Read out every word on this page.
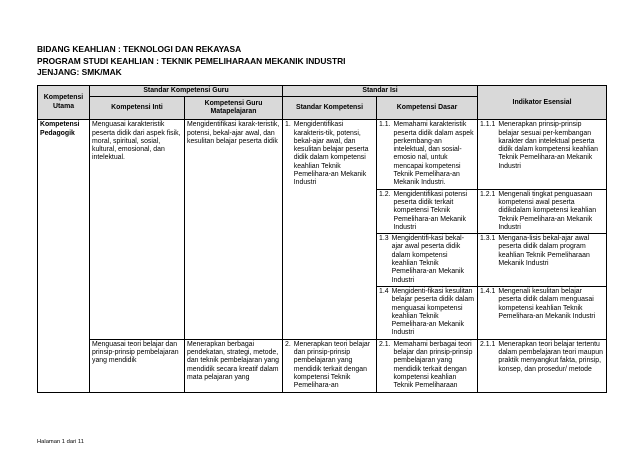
BIDANG KEAHLIAN : TEKNOLOGI DAN REKAYASA
PROGRAM STUDI KEAHLIAN : TEKNIK PEMELIHARAAN MEKANIK INDUSTRI
JENJANG: SMK/MAK
Kompetensi Utama	Standar Kompetensi Guru		Standar Isi		Indikator Esensial
	Kompetensi Inti	Kompetensi Guru Matapelajaran	Standar Kompetensi	Kompetensi Dasar	
Kompetensi Pedagogik	Menguasai karakteristik peserta didik dari aspek fisik, moral, spiritual, sosial, kultural, emosional, dan intelektual.	Mengidentifikasi karak-teristik, potensi, bekal-ajar awal, dan kesulitan belajar peserta didik	1. Mengidentifikasi karakteris-tik, potensi, bekal-ajar awal, dan kesulitan belajar peserta didik dalam kompetensi keahlian Teknik Pemelihara-an Mekanik Industri	1.1. Memahami karakteristik peserta didik dalam aspek perkembang-an intelektual, dan sosial-emosio nal, untuk mencapai kompetensi Teknik Pemelihara-an Mekanik Industri.	1.1.1 Menerapkan prinsip-prinsip belajar sesuai per-kembangan karakter dan intelektual peserta didik dalam kompetensi keahlian Teknik Pemelihara-an Mekanik Industri

				1.2. Mengidentifikasi potensi peserta didik terkait kompetensi Teknik Pemelihara-an Mekanik Industri	1.2.1 Mengenali tingkat penguasaan kompetensi awal peserta didikdalam kompetensi keahlian Teknik Pemelihara-an Mekanik Industri

				1.3 Mengidentifi-kasi bekal-ajar awal peserta didik dalam kompetensi keahlian Teknik Pemelihara-an Mekanik Industri	1.3.1 Mengana-lisis bekal-ajar awal peserta didik dalam program keahlian Teknik Pemeliharaan Mekanik Industri

				1.4 Mengidenti-fikasi kesulitan belajar peserta didik dalam menguasai kompetensi keahlian Teknik Pemelihara-an Mekanik Industri	1.4.1 Mengenali kesulitan belajar peserta didik dalam menguasai kompetensi keahlian Teknik Pemelihara-an Mekanik Industri

	Menguasai teori belajar dan prinsip-prinsip pembelajaran yang mendidik	Menerapkan berbagai pendekatan, strategi, metode, dan teknik pembelajaran yang mendidik secara kreatif dalam mata pelajaran yang	2. Menerapkan teori belajar dan prinsip-prinsip pembelajaran yang mendidik terkait dengan kompetensi Teknik Pemelihara-an	2.1. Memahami berbagai teori belajar dan prinsip-prinsip pembelajaran yang mendidik terkait dengan kompetensi keahlian Teknik Pemeliharaan	2.1.1 Menerapkan teori belajar tertentu dalam pembelajaran teori maupun praktik menyangkut fakta, prinsip, konsep, dan prosedur/ metode
Halaman 1 dari 11
